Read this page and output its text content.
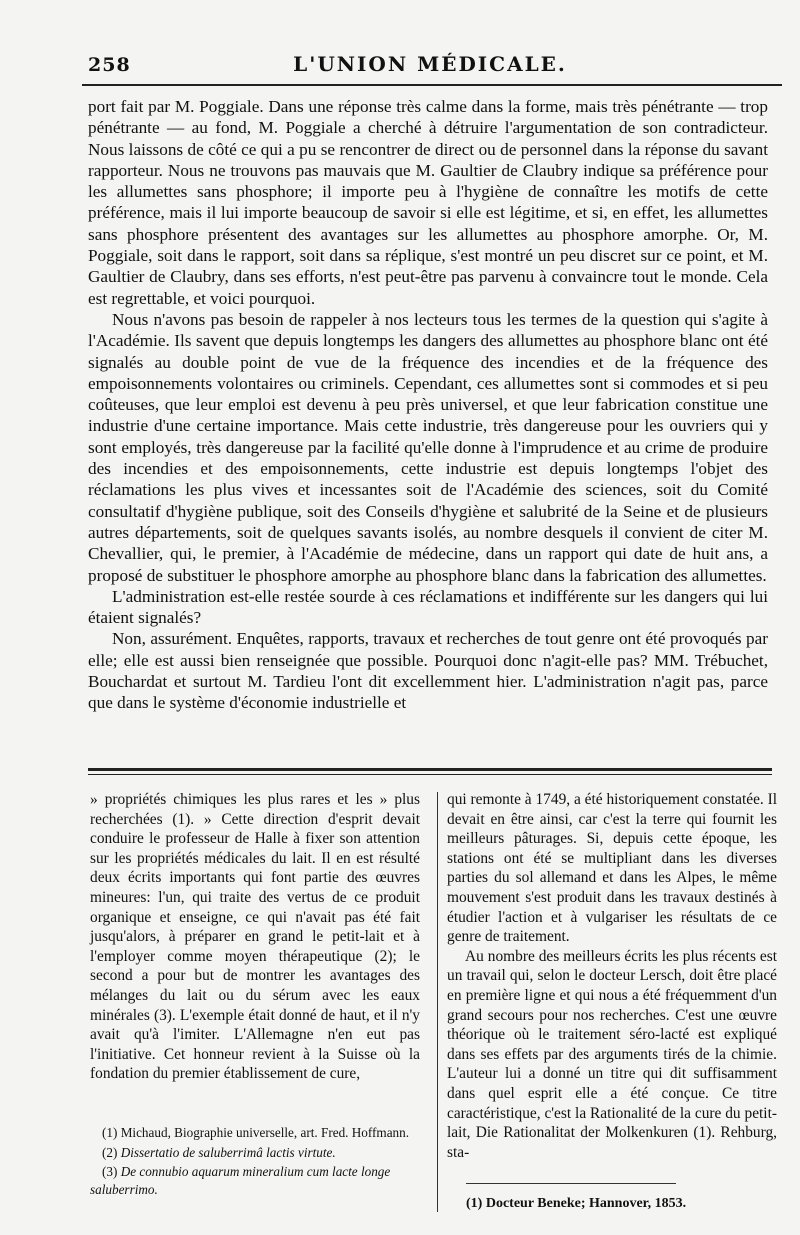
258	L'UNION MÉDICALE.

port fait par M. Poggiale. Dans une réponse très calme dans la forme, mais très pénétrante — trop pénétrante — au fond, M. Poggiale a cherché à détruire l'argumentation de son contradicteur. Nous laissons de côté ce qui a pu se rencontrer de direct ou de personnel dans la réponse du savant rapporteur. Nous ne trouvons pas mauvais que M. Gaultier de Claubry indique sa préférence pour les allumettes sans phosphore; il importe peu à l'hygiène de connaître les motifs de cette préférence, mais il lui importe beaucoup de savoir si elle est légitime, et si, en effet, les allumettes sans phosphore présentent des avantages sur les allumettes au phosphore amorphe. Or, M. Poggiale, soit dans le rapport, soit dans sa réplique, s'est montré un peu discret sur ce point, et M. Gaultier de Claubry, dans ses efforts, n'est peut-être pas parvenu à convaincre tout le monde. Cela est regrettable, et voici pourquoi.

Nous n'avons pas besoin de rappeler à nos lecteurs tous les termes de la question qui s'agite à l'Académie. Ils savent que depuis longtemps les dangers des allumettes au phosphore blanc ont été signalés au double point de vue de la fréquence des incendies et de la fréquence des empoisonnements volontaires ou criminels. Cependant, ces allumettes sont si commodes et si peu coûteuses, que leur emploi est devenu à peu près universel, et que leur fabrication constitue une industrie d'une certaine importance. Mais cette industrie, très dangereuse pour les ouvriers qui y sont employés, très dangereuse par la facilité qu'elle donne à l'imprudence et au crime de produire des incendies et des empoisonnements, cette industrie est depuis longtemps l'objet des réclamations les plus vives et incessantes soit de l'Académie des sciences, soit du Comité consultatif d'hygiène publique, soit des Conseils d'hygiène et salubrité de la Seine et de plusieurs autres départements, soit de quelques savants isolés, au nombre desquels il convient de citer M. Chevallier, qui, le premier, à l'Académie de médecine, dans un rapport qui date de huit ans, a proposé de substituer le phosphore amorphe au phosphore blanc dans la fabrication des allumettes.

L'administration est-elle restée sourde à ces réclamations et indifférente sur les dangers qui lui étaient signalés?

Non, assurément. Enquêtes, rapports, travaux et recherches de tout genre ont été provoqués par elle; elle est aussi bien renseignée que possible. Pourquoi donc n'agit-elle pas? MM. Trébuchet, Bouchardat et surtout M. Tardieu l'ont dit excellemment hier. L'administration n'agit pas, parce que dans le système d'économie industrielle et

» propriétés chimiques les plus rares et les » plus recherchées (1). » Cette direction d'esprit devait conduire le professeur de Halle à fixer son attention sur les propriétés médicales du lait. Il en est résulté deux écrits importants qui font partie des œuvres mineures: l'un, qui traite des vertus de ce produit organique et enseigne, ce qui n'avait pas été fait jusqu'alors, à préparer en grand le petit-lait et à l'employer comme moyen thérapeutique (2); le second a pour but de montrer les avantages des mélanges du lait ou du sérum avec les eaux minérales (3). L'exemple était donné de haut, et il n'y avait qu'à l'imiter. L'Allemagne n'en eut pas l'initiative. Cet honneur revient à la Suisse où la fondation du premier établissement de cure,

qui remonte à 1749, a été historiquement constatée. Il devait en être ainsi, car c'est la terre qui fournit les meilleurs pâturages. Si, depuis cette époque, les stations ont été se multipliant dans les diverses parties du sol allemand et dans les Alpes, le même mouvement s'est produit dans les travaux destinés à étudier l'action et à vulgariser les résultats de ce genre de traitement.

Au nombre des meilleurs écrits les plus récents est un travail qui, selon le docteur Lersch, doit être placé en première ligne et qui nous a été fréquemment d'un grand secours pour nos recherches. C'est une œuvre théorique où le traitement séro-lacté est expliqué dans ses effets par des arguments tirés de la chimie. L'auteur lui a donné un titre qui dit suffisamment dans quel esprit elle a été conçue. Ce titre caractéristique, c'est la Rationalité de la cure du petit-lait, Die Rationalitat der Molkenkuren (1). Rehburg, sta-

(1) Michaud, Biographie universelle, art. Fred. Hoffmann.

(2) Dissertatio de saluberrimâ lactis virtute.

(3) De connubio aquarum mineralium cum lacte longe saluberrimo.

(1) Docteur Beneke; Hannover, 1853.
